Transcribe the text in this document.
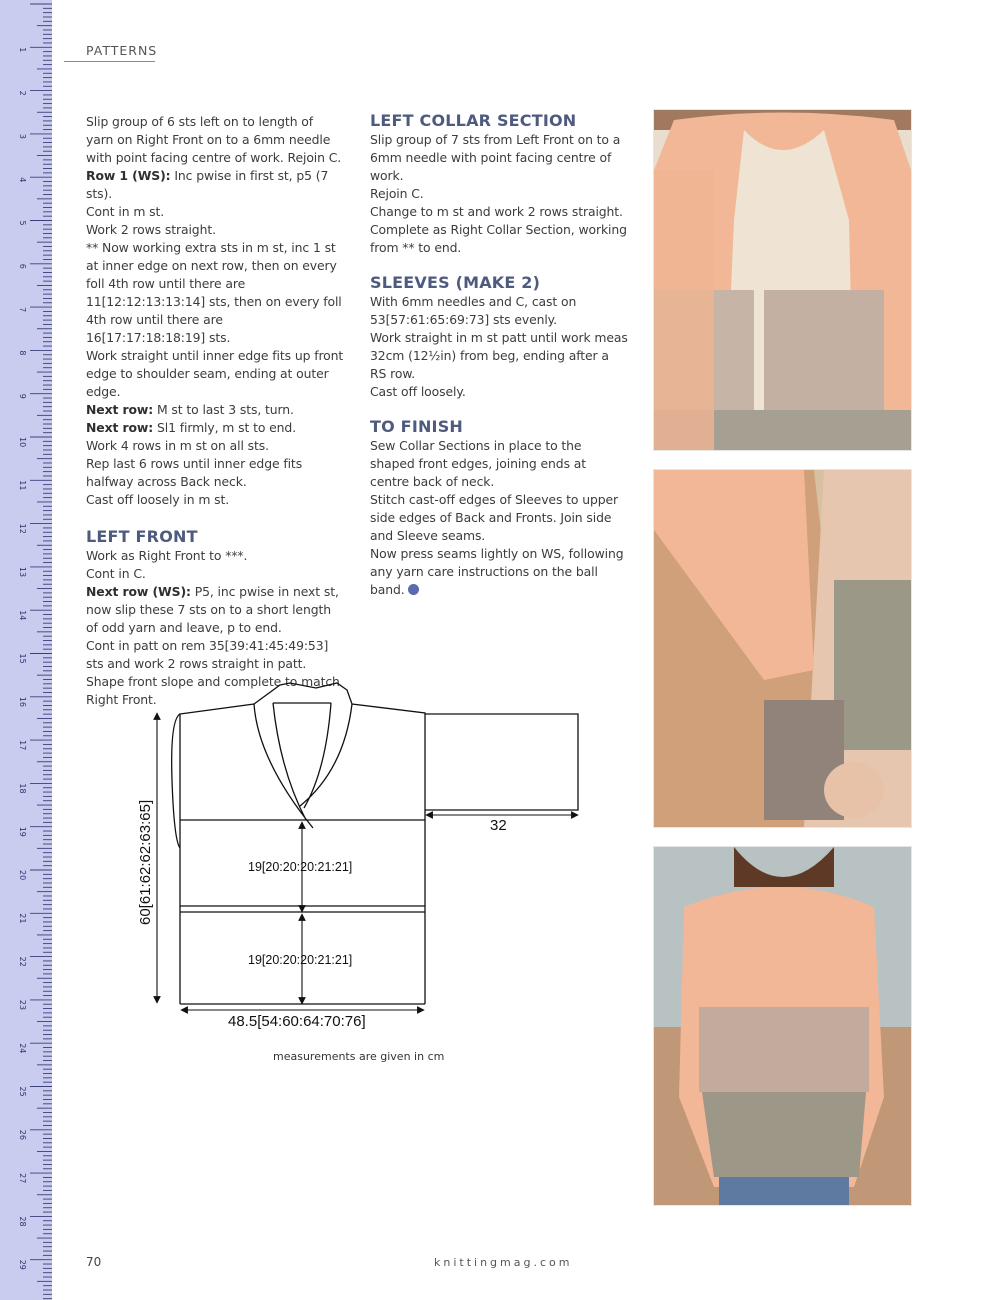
1
2
3
4
5
6
7
8
9
10
11
12
13
14
15
16
17
18
19
20
21
22
23
24
25
26
27
28
29
PATTERNS

Slip group of 6 sts left on to length of yarn on Right Front on to a 6mm needle with point facing centre of work. Rejoin C.

Row 1 (WS): Inc pwise in first st, p5 (7 sts).

Cont in m st.

Work 2 rows straight.

** Now working extra sts in m st, inc 1 st at inner edge on next row, then on every foll 4th row until there are 11[12:12:13:13:14] sts, then on every foll 4th row until there are 16[17:17:18:18:19] sts.

Work straight until inner edge fits up front edge to shoulder seam, ending at outer edge.

Next row: M st to last 3 sts, turn.

Next row: Sl1 firmly, m st to end.

Work 4 rows in m st on all sts.

Rep last 6 rows until inner edge fits halfway across Back neck.

Cast off loosely in m st.

LEFT FRONT

Work as Right Front to ***.

Cont in C.

Next row (WS): P5, inc pwise in next st, now slip these 7 sts on to a short length of odd yarn and leave, p to end.

Cont in patt on rem 35[39:41:45:49:53] sts and work 2 rows straight in patt.

Shape front slope and complete to match Right Front.

LEFT COLLAR SECTION

Slip group of 7 sts from Left Front on to a 6mm needle with point facing centre of work.

Rejoin C.

Change to m st and work 2 rows straight.

Complete as Right Collar Section, working from ** to end.

SLEEVES (MAKE 2)

With 6mm needles and C, cast on 53[57:61:65:69:73] sts evenly.

Work straight in m st patt until work meas 32cm (12½in) from beg, ending after a RS row.

Cast off loosely.

TO FINISH

Sew Collar Sections in place to the shaped front edges, joining ends at centre back of neck.

Stitch cast-off edges of Sleeves to upper side edges of Back and Fronts. Join side and Sleeve seams.

Now press seams lightly on WS, following any yarn care instructions on the ball band.

60[61:62:62:63:65]	32
19[20:20:20:21:21]
19[20:20:20:21:21]
48.5[54:60:64:70:76]
measurements are given in cm
70	knittingmag.com
